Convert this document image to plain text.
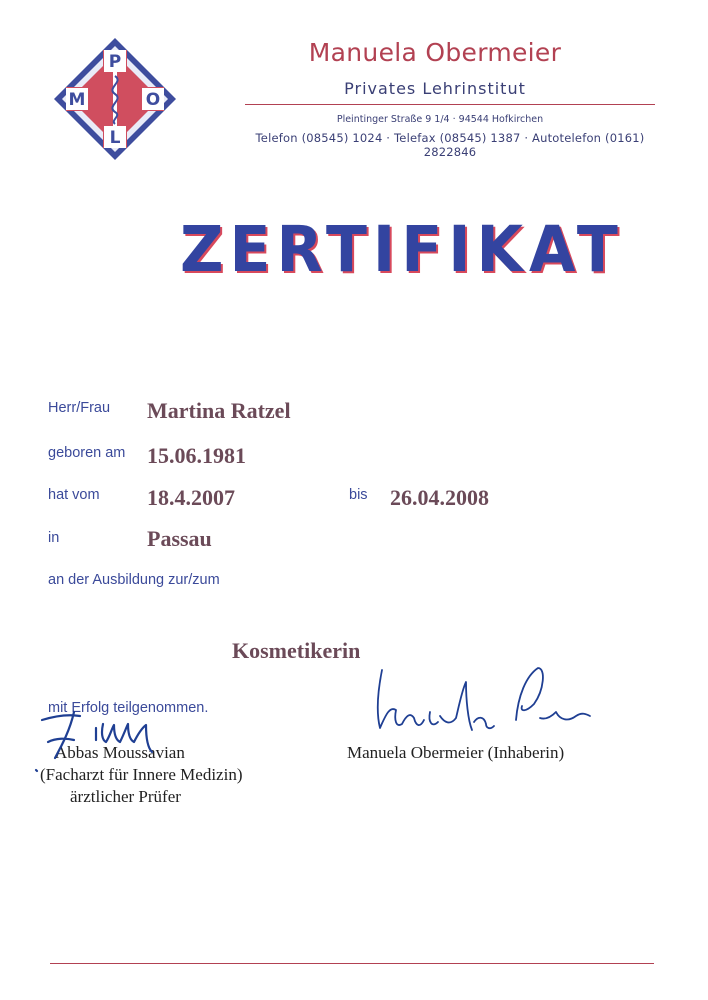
P
M	O
L
Manuela Obermeier
Privates Lehrinstitut
Pleintinger Straße 9 1/4 · 94544 Hofkirchen
Telefon (08545) 1024 · Telefax (08545) 1387 · Autotelefon (0161) 2822846
ZERTIFIKAT
Herr/Frau Martina Ratzel
geboren am 15.06.1981
hat vom 18.4.2007	bis 26.04.2008
in	Passau
an der Ausbildung zur/zum
Kosmetikerin
mit Erfolg teilgenommen.
Abbas Moussavian
(Facharzt für Innere Medizin)
ärztlicher Prüfer
Manuela Obermeier (Inhaberin)
